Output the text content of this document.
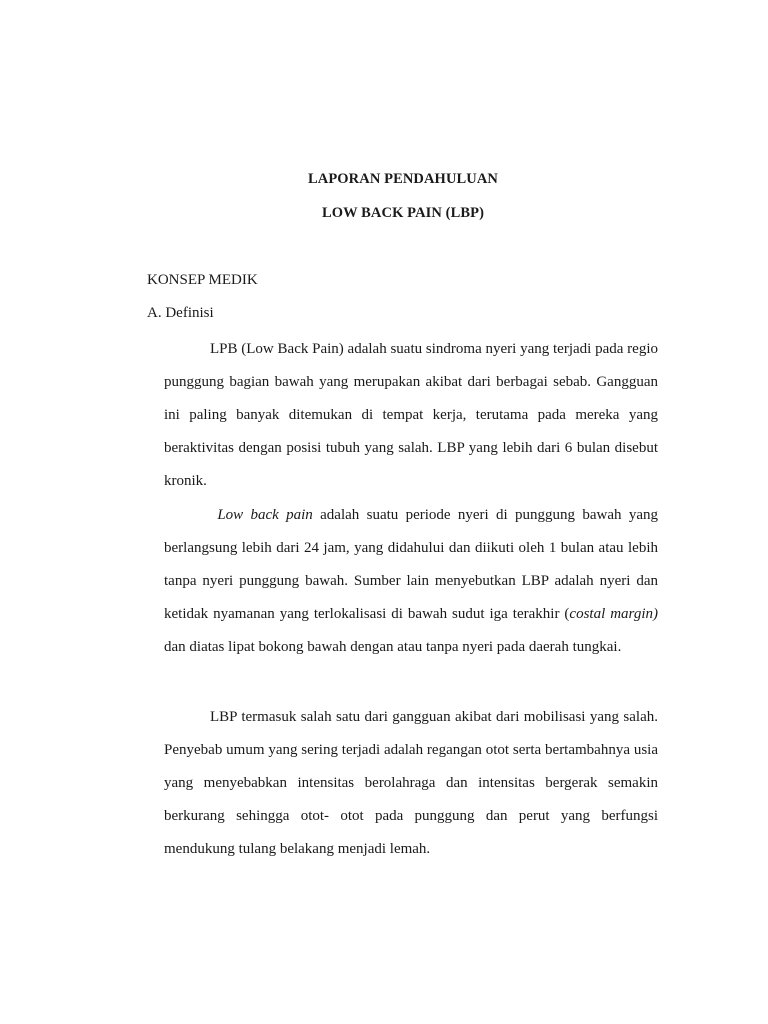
LAPORAN PENDAHULUAN
LOW BACK PAIN (LBP)
KONSEP MEDIK
A. Definisi

LPB (Low Back Pain) adalah suatu sindroma nyeri yang terjadi pada regio punggung bagian bawah yang merupakan akibat dari berbagai sebab. Gangguan ini paling banyak ditemukan di tempat kerja, terutama pada mereka yang beraktivitas dengan posisi tubuh yang salah. LBP yang lebih dari 6 bulan disebut kronik.

Low back pain adalah suatu periode nyeri di punggung bawah yang berlangsung lebih dari 24 jam, yang didahului dan diikuti oleh 1 bulan atau lebih tanpa nyeri punggung bawah. Sumber lain menyebutkan LBP adalah nyeri dan ketidak nyamanan yang terlokalisasi di bawah sudut iga terakhir (costal margin) dan diatas lipat bokong bawah dengan atau tanpa nyeri pada daerah tungkai.

LBP termasuk salah satu dari gangguan akibat dari mobilisasi yang salah. Penyebab umum yang sering terjadi adalah regangan otot serta bertambahnya usia yang menyebabkan intensitas berolahraga dan intensitas bergerak semakin berkurang sehingga otot- otot pada punggung dan perut yang berfungsi mendukung tulang belakang menjadi lemah.
